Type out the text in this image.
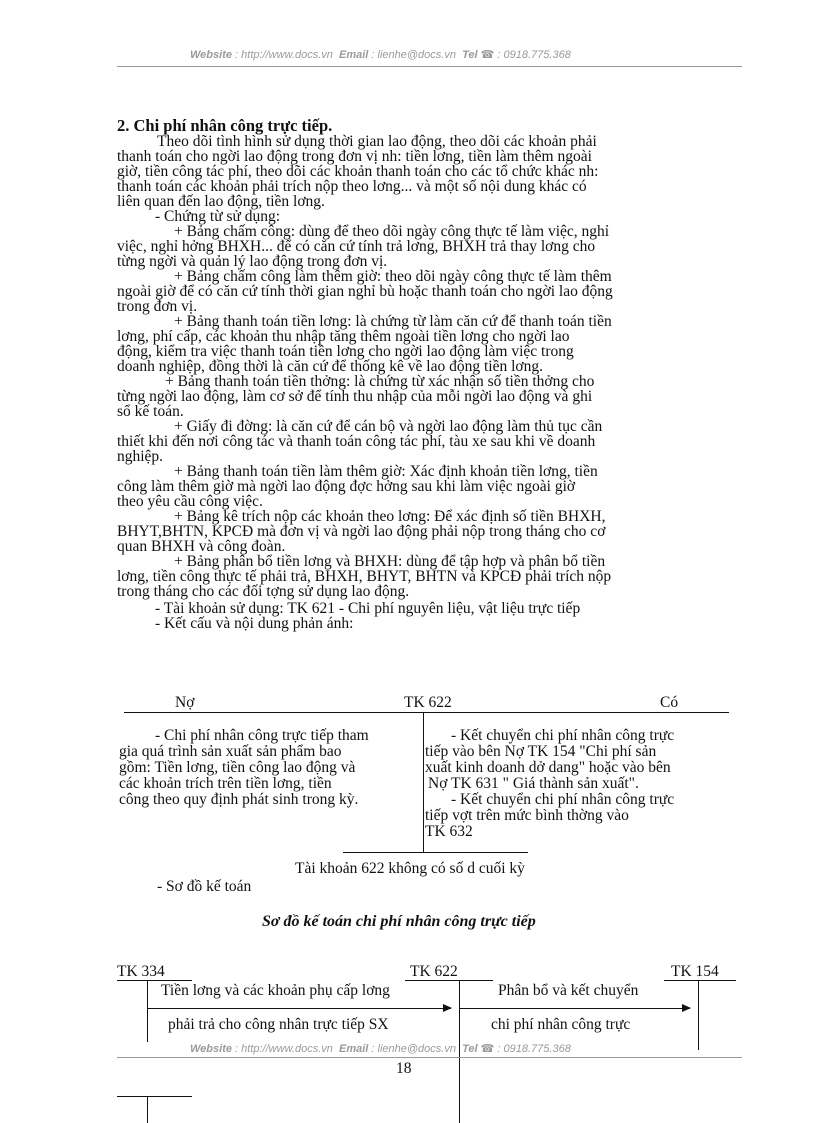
Website : http://www.docs.vn Email : lienhe@docs.vn Tel ☎ : 0918.775.368
2. Chi phí nhân công trực tiếp.
Theo dõi tình hình sử dụng thời gian lao động, theo dõi các khoản phải
thanh toán cho ngời lao động trong đơn vị nh: tiền lơng, tiền làm thêm ngoài
giờ, tiền công tác phí, theo dõi các khoản thanh toán cho các tổ chức khác nh:
thanh toán các khoản phải trích nộp theo lơng... và một số nội dung khác có
liên quan đến lao động, tiền lơng.
- Chứng từ sử dụng:
+ Bảng chấm công: dùng để theo dõi ngày công thực tế làm việc, nghỉ
việc, nghỉ hởng BHXH... để có căn cứ tính trả lơng, BHXH trả thay lơng cho
từng ngời và quản lý lao động trong đơn vị.
+ Bảng chấm công làm thêm giờ: theo dõi ngày công thực tế làm thêm
ngoài giờ để có căn cứ tính thời gian nghỉ bù hoặc thanh toán cho ngời lao động
trong đơn vị.
+ Bảng thanh toán tiền lơng: là chứng từ làm căn cứ để thanh toán tiền
lơng, phí cấp, các khoản thu nhập tăng thêm ngoài tiền lơng cho ngời lao
động, kiểm tra việc thanh toán tiền lơng cho ngời lao động làm việc trong
doanh nghiệp, đồng thời là căn cứ để thống kê về lao động tiền lơng.
+ Bảng thanh toán tiền thởng: là chứng từ xác nhận số tiền thởng cho
từng ngời lao động, làm cơ sở để tính thu nhập của mỗi ngời lao động và ghi
sổ kế toán.
+ Giấy đi đờng: là căn cứ để cán bộ và ngời lao động làm thủ tục cần
thiết khi đến nơi công tác và thanh toán công tác phí, tàu xe sau khi về doanh
nghiệp.
+ Bảng thanh toán tiền làm thêm giờ: Xác định khoản tiền lơng, tiền
công làm thêm giờ mà ngời lao động đợc hởng sau khi làm việc ngoài giờ
theo yêu cầu công việc.
+ Bảng kê trích nộp các khoản theo lơng: Để xác định số tiền BHXH,
BHYT,BHTN, KPCĐ mà đơn vị và ngời lao động phải nộp trong tháng cho cơ
quan BHXH và công đoàn.
+ Bảng phân bổ tiền lơng và BHXH: dùng để tập hợp và phân bổ tiền
lơng, tiền công thực tế phải trả, BHXH, BHYT, BHTN và KPCĐ phải trích nộp
trong tháng cho các đối tợng sử dụng lao động.
- Tài khoản sử dụng: TK 621 - Chi phí nguyên liệu, vật liệu trực tiếp
- Kết cấu và nội dung phản ánh:
Nợ	TK 622	Có
- Chi phí nhân công trực tiếp tham
gia quá trình sản xuất sản phẩm bao
gồm: Tiền lơng, tiền công lao động và
các khoản trích trên tiền lơng, tiền
công theo quy định phát sinh trong kỳ.
- Kết chuyển chi phí nhân công trực
tiếp vào bên Nợ TK 154 "Chi phí sản
xuất kinh doanh dở dang" hoặc vào bên
Nợ TK 631 " Giá thành sản xuất".
- Kết chuyển chi phí nhân công trực
tiếp vợt trên mức bình thờng vào
TK 632
Tài khoản 622 không có số d cuối kỳ
- Sơ đồ kế toán
Sơ đồ kế toán chi phí nhân công trực tiếp
TK 334	TK 622	TK 154
Tiền lơng và các khoản phụ cấp lơng
phải trả cho công nhân trực tiếp SX
Phân bổ và kết chuyển
chi phí nhân công trực
Website : http://www.docs.vn Email : lienhe@docs.vn Tel ☎ : 0918.775.368
18
